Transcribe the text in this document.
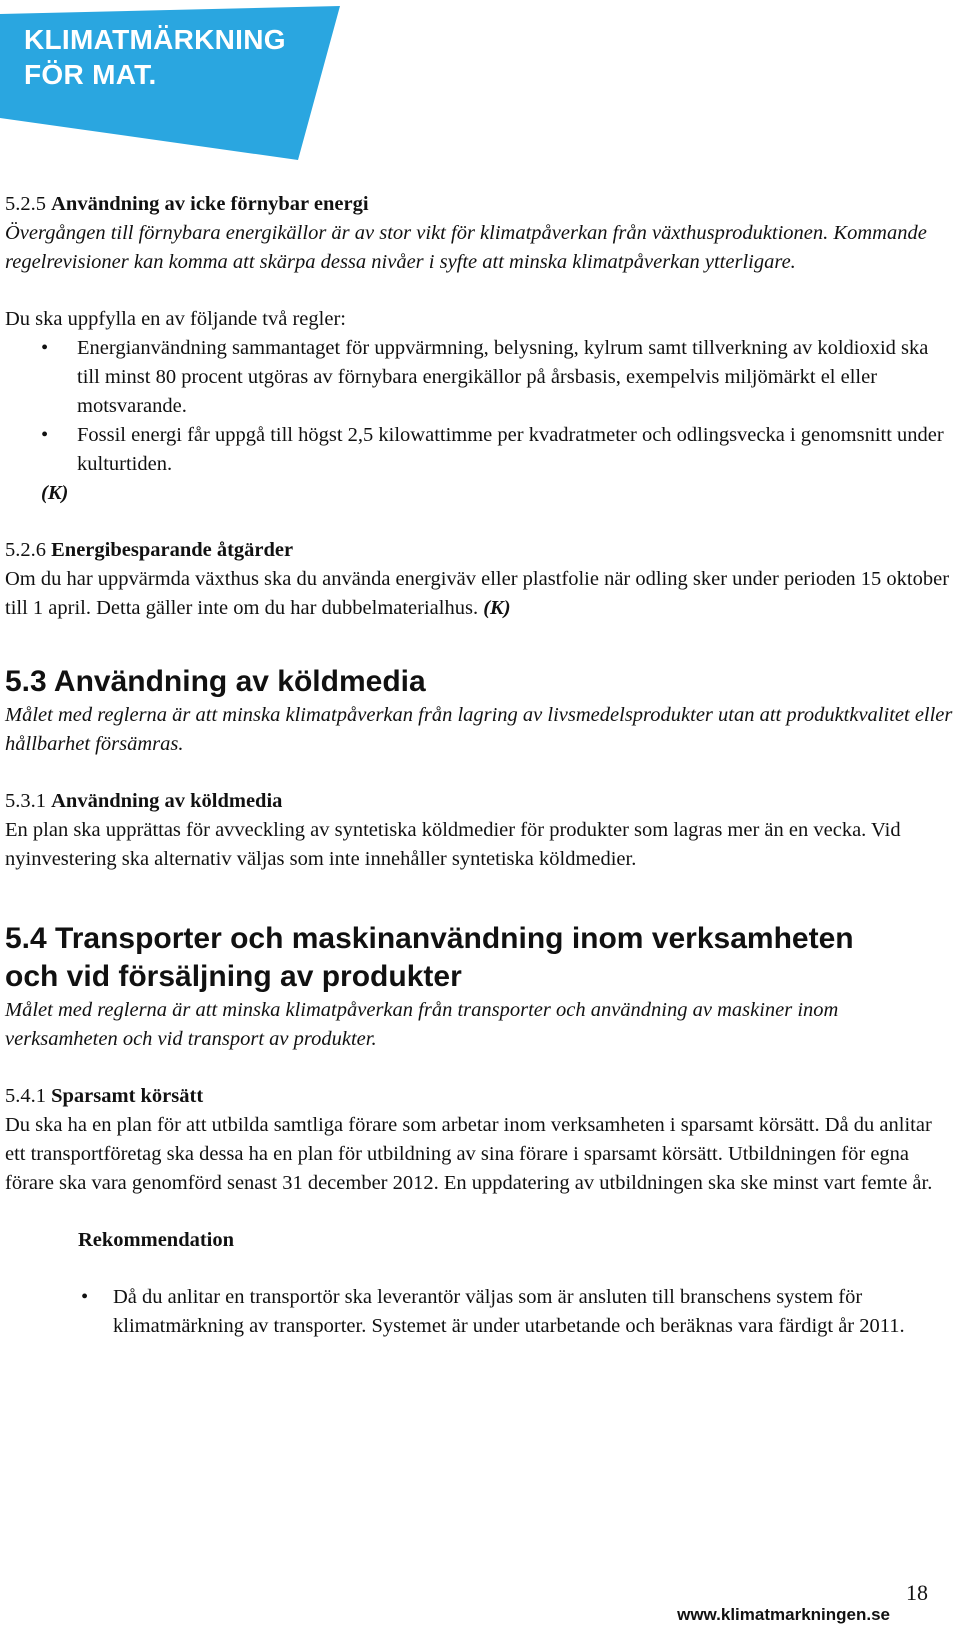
KLIMATMÄRKNING
FÖR MAT.

5.2.5 Användning av icke förnybar energi

Övergången till förnybara energikällor är av stor vikt för klimatpåverkan från växthusproduktionen. Kommande regelrevisioner kan komma att skärpa dessa nivåer i syfte att minska klimatpåverkan ytterligare.

Du ska uppfylla en av följande två regler:

• Energianvändning sammantaget för uppvärmning, belysning, kylrum samt tillverkning av koldioxid ska till minst 80 procent utgöras av förnybara energikällor på årsbasis, exempelvis miljömärkt el eller motsvarande.
• Fossil energi får uppgå till högst 2,5 kilowattimme per kvadratmeter och odlingsvecka i genomsnitt under kulturtiden.

(K)

5.2.6 Energibesparande åtgärder

Om du har uppvärmda växthus ska du använda energiväv eller plastfolie när odling sker under perioden 15 oktober till 1 april. Detta gäller inte om du har dubbelmaterialhus. (K)

5.3 Användning av köldmedia

Målet med reglerna är att minska klimatpåverkan från lagring av livsmedelsprodukter utan att produktkvalitet eller hållbarhet försämras.

5.3.1 Användning av köldmedia

En plan ska upprättas för avveckling av syntetiska köldmedier för produkter som lagras mer än en vecka. Vid nyinvestering ska alternativ väljas som inte innehåller syntetiska köldmedier.

5.4 Transporter och maskinanvändning inom verksamheten
och vid försäljning av produkter

Målet med reglerna är att minska klimatpåverkan från transporter och användning av maskiner inom verksamheten och vid transport av produkter.

5.4.1 Sparsamt körsätt

Du ska ha en plan för att utbilda samtliga förare som arbetar inom verksamheten i sparsamt körsätt. Då du anlitar ett transportföretag ska dessa ha en plan för utbildning av sina förare i sparsamt körsätt. Utbildningen för egna förare ska vara genomförd senast 31 december 2012. En uppdatering av utbildningen ska ske minst vart femte år.

Rekommendation

• Då du anlitar en transportör ska leverantör väljas som är ansluten till branschens system för klimatmärkning av transporter. Systemet är under utarbetande och beräknas vara färdigt år 2011.
18
www.klimatmarkningen.se
